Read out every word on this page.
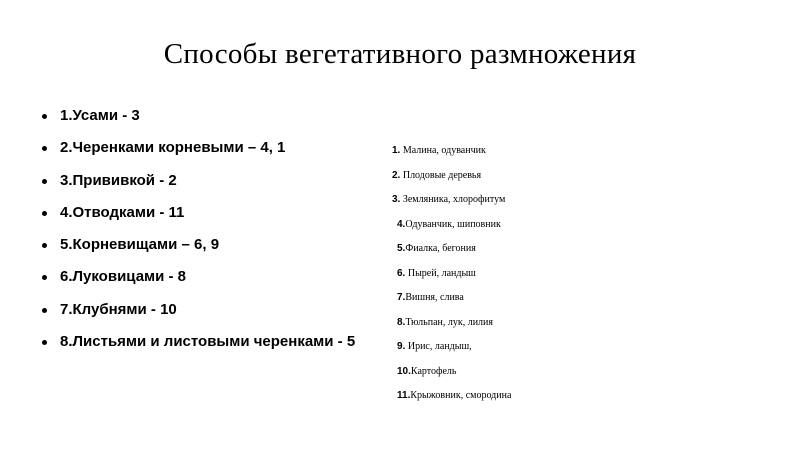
Способы вегетативного размножения
1.Усами - 3
2.Черенками корневыми – 4, 1
3.Прививкой - 2
4.Отводками - 11
5.Корневищами – 6, 9
6.Луковицами - 8
7.Клубнями - 10
8.Листьями и листовыми черенками - 5
1. Малина, одуванчик
2. Плодовые деревья
3. Земляника, хлорофитум
4.Одуванчик, шиповник
5.Фиалка, бегония
6. Пырей, ландыш
7.Вишня, слива
8.Тюльпан, лук, лилия
9. Ирис, ландыш,
10.Картофель
11.Крыжовник, смородина
